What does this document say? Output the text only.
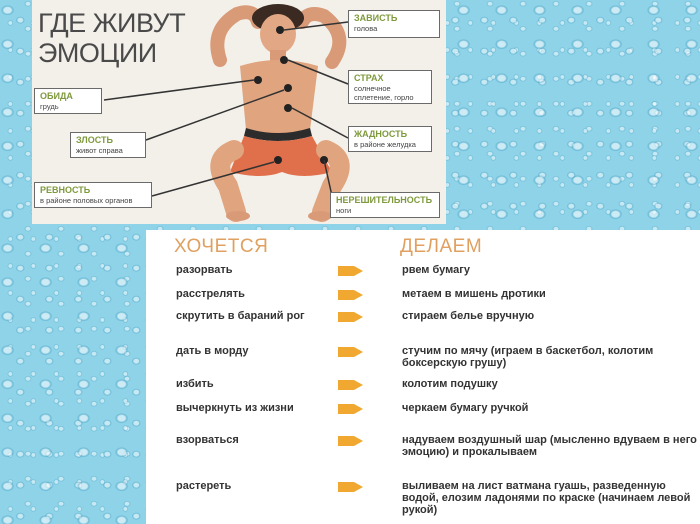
ГДЕ ЖИВУТ
ЭМОЦИИ
ЗАВИСТЬ
голова
СТРАХ
солнечное сплетение, горло
ЖАДНОСТЬ
в районе желудка
НЕРЕШИТЕЛЬНОСТЬ
ноги
ОБИДА
грудь
ЗЛОСТЬ
живот справа
РЕВНОСТЬ
в районе половых органов
ХОЧЕТСЯ	ДЕЛАЕМ
разорвать	рвем бумагу
расстрелять	метаем в мишень дротики
скрутить в бараний рог	стираем белье вручную
дать в морду	стучим по мячу (играем в баскетбол, колотим боксерскую грушу)
избить	колотим подушку
вычеркнуть из жизни	черкаем бумагу ручкой
взорваться	надуваем воздушный шар (мысленно вдуваем в него эмоцию) и прокалываем
растереть	выливаем на лист ватмана гуашь, разведенную водой, елозим ладонями по краске (начинаем левой рукой)
